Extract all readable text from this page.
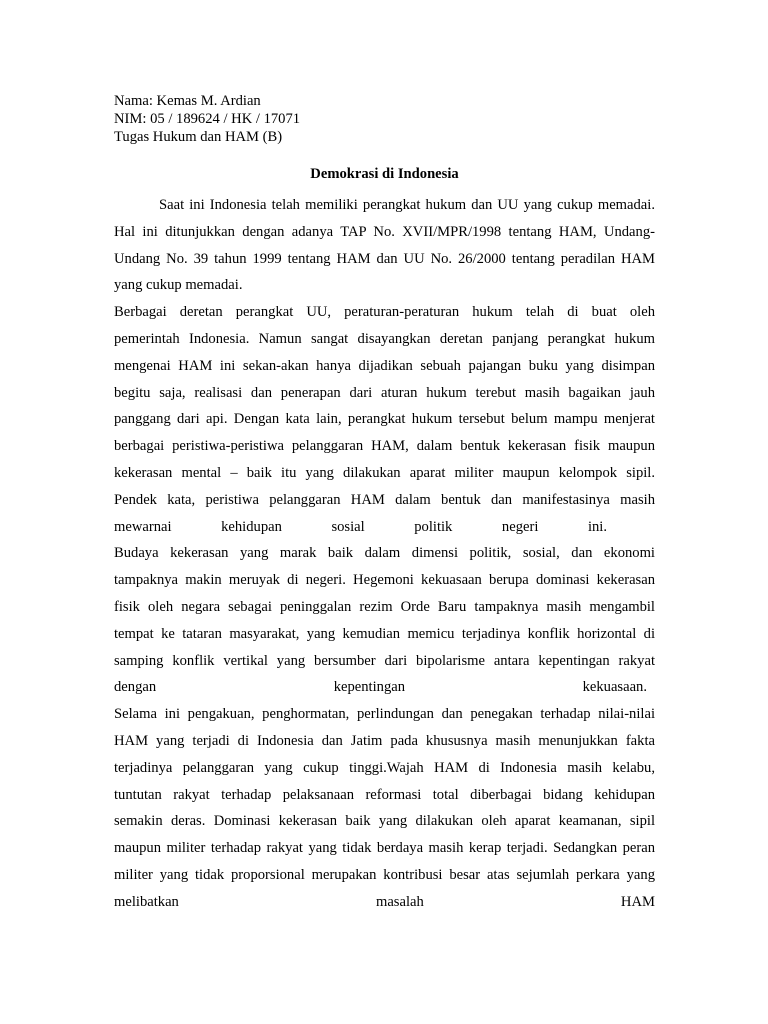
Nama: Kemas M. Ardian
NIM: 05 / 189624 / HK / 17071
Tugas Hukum dan HAM (B)
Demokrasi di Indonesia
Saat ini Indonesia telah memiliki perangkat hukum dan UU yang cukup memadai.
Hal ini ditunjukkan dengan adanya TAP No. XVII/MPR/1998 tentang HAM, Undang-
Undang No. 39 tahun 1999 tentang HAM dan UU No. 26/2000 tentang peradilan HAM
yang cukup memadai.
Berbagai deretan perangkat UU, peraturan-peraturan hukum telah di buat oleh
pemerintah Indonesia. Namun sangat disayangkan deretan panjang perangkat hukum
mengenai HAM ini sekan-akan hanya dijadikan sebuah pajangan buku yang disimpan
begitu saja, realisasi dan penerapan dari aturan hukum terebut masih bagaikan jauh
panggang dari api. Dengan kata lain, perangkat hukum tersebut belum mampu menjerat
berbagai peristiwa-peristiwa pelanggaran HAM, dalam bentuk kekerasan fisik maupun
kekerasan mental – baik itu yang dilakukan aparat militer maupun kelompok sipil.
Pendek kata, peristiwa pelanggaran HAM dalam bentuk dan manifestasinya masih
mewarnai kehidupan sosial politik negeri ini.
Budaya kekerasan yang marak baik dalam dimensi politik, sosial, dan ekonomi
tampaknya makin meruyak di negeri. Hegemoni kekuasaan berupa dominasi kekerasan
fisik oleh negara sebagai peninggalan rezim Orde Baru tampaknya masih mengambil
tempat ke tataran masyarakat, yang kemudian memicu terjadinya konflik horizontal di
samping konflik vertikal yang bersumber dari bipolarisme antara kepentingan rakyat
dengan kepentingan kekuasaan.
Selama ini pengakuan, penghormatan, perlindungan dan penegakan terhadap nilai-nilai
HAM yang terjadi di Indonesia dan Jatim pada khususnya masih menunjukkan fakta
terjadinya pelanggaran yang cukup tinggi.Wajah HAM di Indonesia masih kelabu,
tuntutan rakyat terhadap pelaksanaan reformasi total diberbagai bidang kehidupan
semakin deras. Dominasi kekerasan baik yang dilakukan oleh aparat keamanan, sipil
maupun militer terhadap rakyat yang tidak berdaya masih kerap terjadi. Sedangkan peran
militer yang tidak proporsional merupakan kontribusi besar atas sejumlah perkara yang
melibatkan masalah HAM
